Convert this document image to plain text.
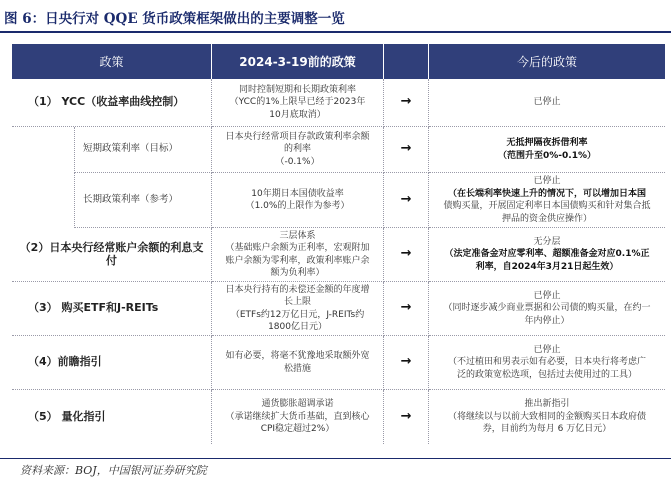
图 6：日央行对 QQE 货币政策框架做出的主要调整一览
政策		2024-3-19前的政策		今后的政策
（1） YCC（收益率曲线控制）		同时控制短期和长期政策利率
（YCC的1%上限早已经于2023年
10月底取消）	→	已停止
	短期政策利率（目标）	日本央行经常项目存款政策利率余额
的利率
（-0.1%）	→	无抵押隔夜拆借利率
（范围升至0%-0.1%）
	长期政策利率（参考）	10年期日本国债收益率
（1.0%的上限作为参考）	→	已停止
（在长端利率快速上升的情况下，可以增加日本国
债购买量，开展固定利率日本国债购买和针对集合抵
押品的资金供应操作）
（2）日本央行经常账户余额的利息支付		三层体系
（基础账户余额为正利率，宏观附加
账户余额为零利率，政策利率账户余
额为负利率）	→	无分层
（法定准备金对应零利率、超额准备金对应0.1%正
利率，自2024年3月21日起生效）
（3） 购买ETF和J-REITs		日本央行持有的未偿还金额的年度增
长上限
（ETFs约12万亿日元，J-REITs约
1800亿日元）	→	已停止
（同时逐步减少商业票据和公司债的购买量，在约一
年内停止）
（4）前瞻指引		如有必要，将毫不犹豫地采取额外宽
松措施	→	已停止
（不过植田和男表示如有必要，日本央行将考虑广
泛的政策宽松选项，包括过去使用过的工具）
（5） 量化指引		通货膨胀超调承诺
（承诺继续扩大货币基础，直到核心
CPI稳定超过2%）	→	推出新指引
（将继续以与以前大致相同的金额购买日本政府债
券，目前约为每月 6 万亿日元）
资料来源：BOJ，中国银河证券研究院
